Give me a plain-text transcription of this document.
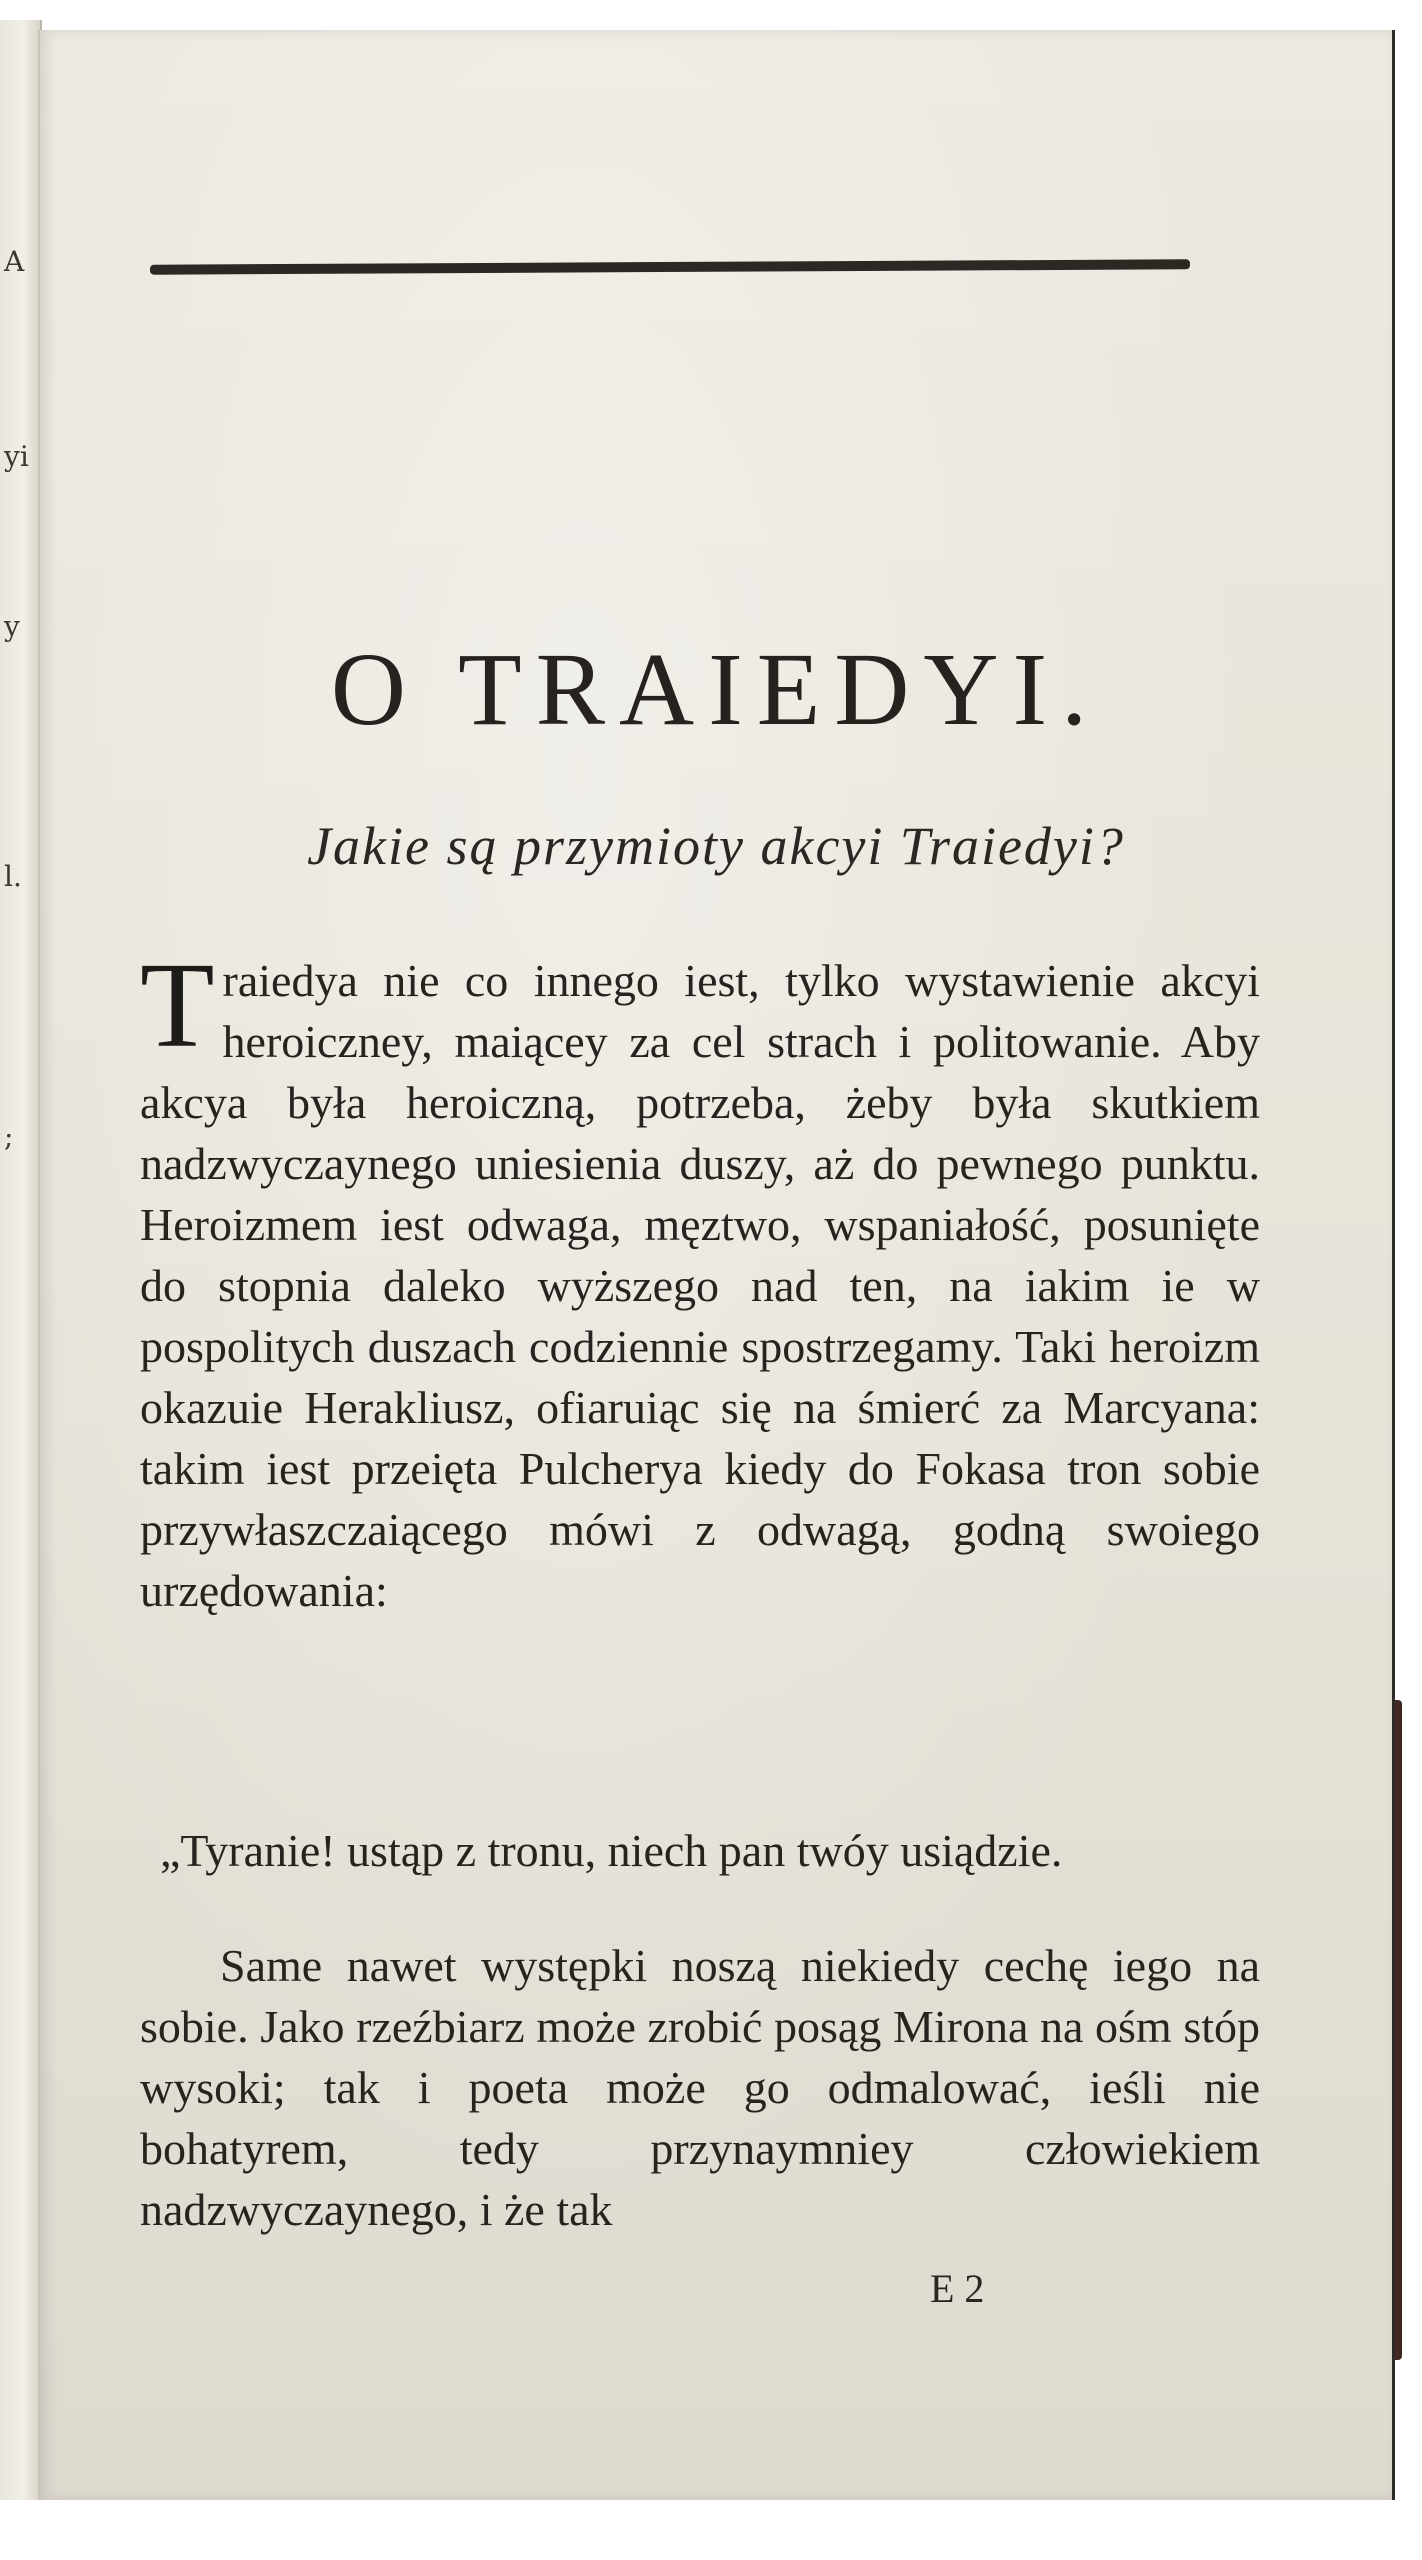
A
yi
y
l.
;
O TRAIEDYI.
Jakie są przymioty akcyi Traiedyi?

Traiedya nie co innego iest, tylko wystawienie akcyi heroiczney, maiącey za cel strach i politowanie. Aby akcya była heroiczną, potrzeba, żeby była skutkiem nadzwyczaynego uniesienia duszy, aż do pewnego punktu. Heroizmem iest odwaga, męztwo, wspaniałość, posunięte do stopnia daleko wyższego nad ten, na iakim ie w pospolitych duszach codziennie spostrzegamy. Taki heroizm okazuie Herakliusz, ofiaruiąc się na śmierć za Marcyana: takim iest przeięta Pulcherya kiedy do Fokasa tron sobie przywłaszczaiącego mówi z odwagą, godną swoiego urzędowania:

„Tyranie! ustąp z tronu, niech pan twóy usiądzie.

Same nawet występki noszą niekiedy cechę iego na sobie. Jako rzeźbiarz może zrobić posąg Mirona na ośm stóp wysoki; tak i poeta może go odmalować, ieśli nie bohatyrem, tedy przynaymniey człowiekiem nadzwyczaynego, i że tak

E 2
